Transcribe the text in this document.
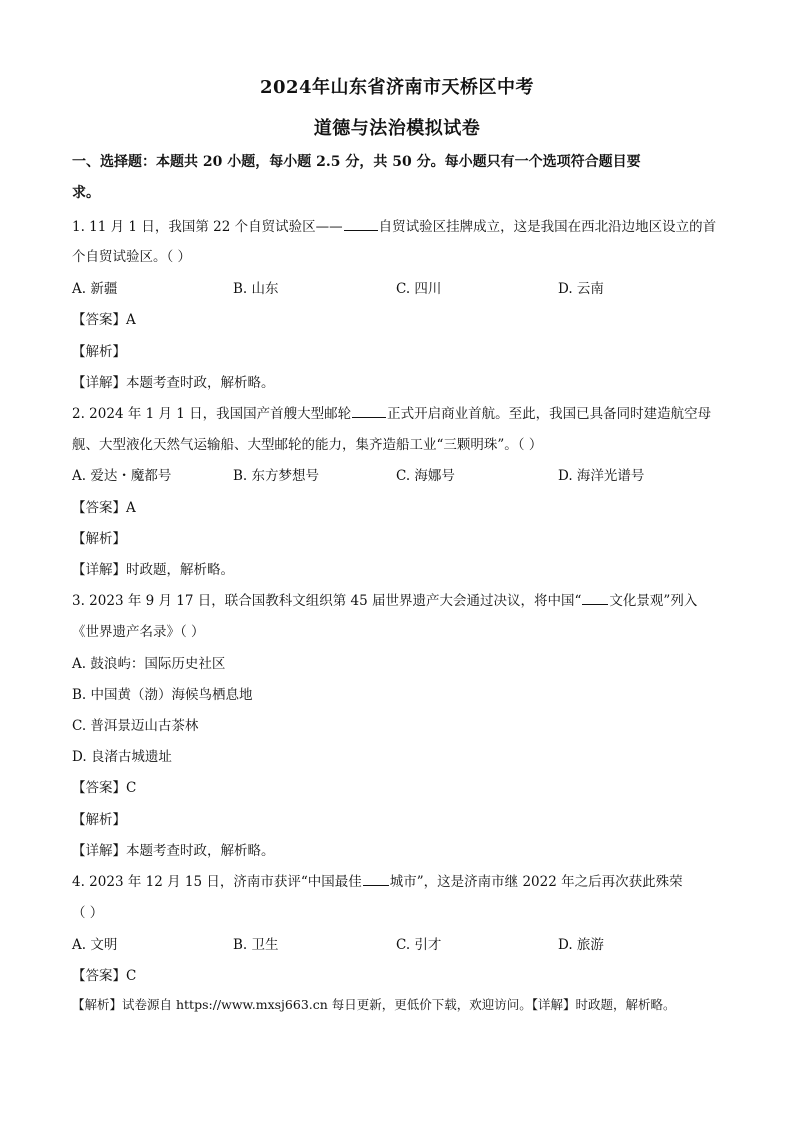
2024年山东省济南市天桥区中考
道德与法治模拟试卷
一、选择题：本题共 20 小题，每小题 2.5 分，共 50 分。每小题只有一个选项符合题目要
求。
1. 11 月 1 日，我国第 22 个自贸试验区——	自贸试验区挂牌成立，这是我国在西北沿边地区设立的首
个自贸试验区。（ ）
A. 新疆	B. 山东	C. 四川	D. 云南
【答案】A
【解析】
【详解】本题考查时政，解析略。
2. 2024 年 1 月 1 日，我国国产首艘大型邮轮	正式开启商业首航。至此，我国已具备同时建造航空母
舰、大型液化天然气运输船、大型邮轮的能力，集齐造船工业“三颗明珠”。（ ）
A. 爱达・魔都号	B. 东方梦想号	C. 海娜号	D. 海洋光谱号
【答案】A
【解析】
【详解】时政题，解析略。
3. 2023 年 9 月 17 日，联合国教科文组织第 45 届世界遗产大会通过决议，将中国“ 文化景观”列入
《世界遗产名录》（ ）
A. 鼓浪屿：国际历史社区
B. 中国黄（渤）海候鸟栖息地
C. 普洱景迈山古茶林
D. 良渚古城遗址
【答案】C
【解析】
【详解】本题考查时政，解析略。
4. 2023 年 12 月 15 日，济南市获评“中国最佳 城市”，这是济南市继 2022 年之后再次获此殊荣
（ ）
A. 文明	B. 卫生	C. 引才	D. 旅游
【答案】C
【解析】试卷源自 https://www.mxsj663.cn 每日更新，更低价下载，欢迎访问。【详解】时政题，解析略。
